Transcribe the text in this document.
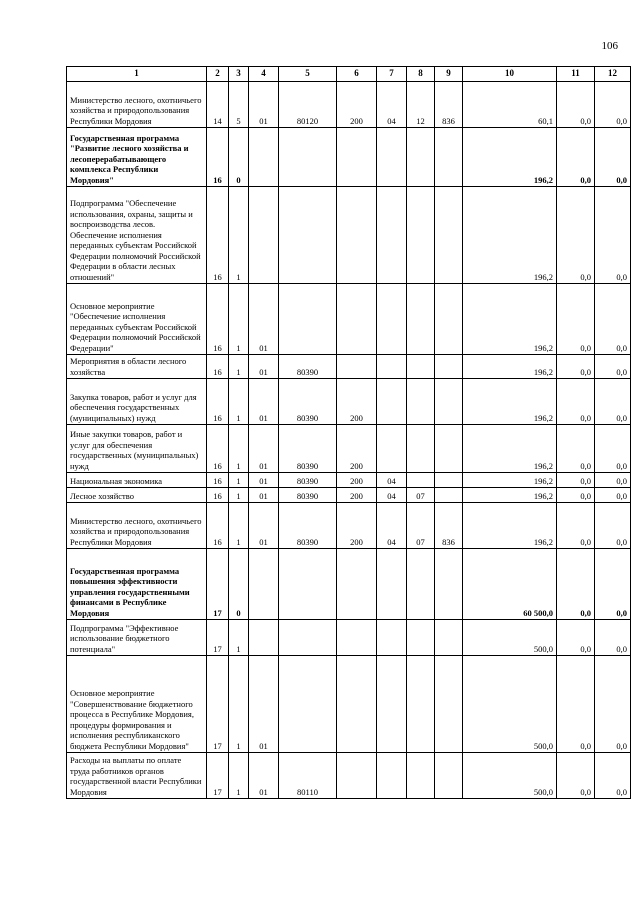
106
1	2	3	4	5	6	7	8	9	10	11	12
Министерство лесного, охотничьего хозяйства и природопользования Республики Мордовия	14	5	01	80120	200	04	12	836	60,1	0,0	0,0
Государственная программа "Развитие лесного хозяйства и лесоперерабатывающего комплекса Республики Мордовия"	16	0							196,2	0,0	0,0
Подпрограмма "Обеспечение использования, охраны, защиты и воспроизводства лесов. Обеспечение исполнения переданных субъектам Российской Федерации полномочий Российской Федерации в области лесных отношений"	16	1							196,2	0,0	0,0
Основное мероприятие "Обеспечение исполнения переданных субъектам Российской Федерации полномочий Российской Федерации"	16	1	01						196,2	0,0	0,0
Мероприятия в области лесного хозяйства	16	1	01	80390					196,2	0,0	0,0
Закупка товаров, работ и услуг для обеспечения государственных (муниципальных) нужд	16	1	01	80390	200				196,2	0,0	0,0
Иные закупки товаров, работ и услуг для обеспечения государственных (муниципальных) нужд	16	1	01	80390	200				196,2	0,0	0,0
Национальная экономика	16	1	01	80390	200	04			196,2	0,0	0,0
Лесное хозяйство	16	1	01	80390	200	04	07		196,2	0,0	0,0
Министерство лесного, охотничьего хозяйства и природопользования Республики Мордовия	16	1	01	80390	200	04	07	836	196,2	0,0	0,0
Государственная программа повышения эффективности управления государственными финансами в Республике Мордовия	17	0							60 500,0	0,0	0,0
Подпрограмма "Эффективное использование бюджетного потенциала"	17	1							500,0	0,0	0,0
Основное мероприятие "Совершенствование бюджетного процесса в Республике Мордовия, процедуры формирования и исполнения республиканского бюджета Республики Мордовия"	17	1	01						500,0	0,0	0,0
Расходы на выплаты по оплате труда работников органов государственной власти Республики Мордовия	17	1	01	80110					500,0	0,0	0,0
